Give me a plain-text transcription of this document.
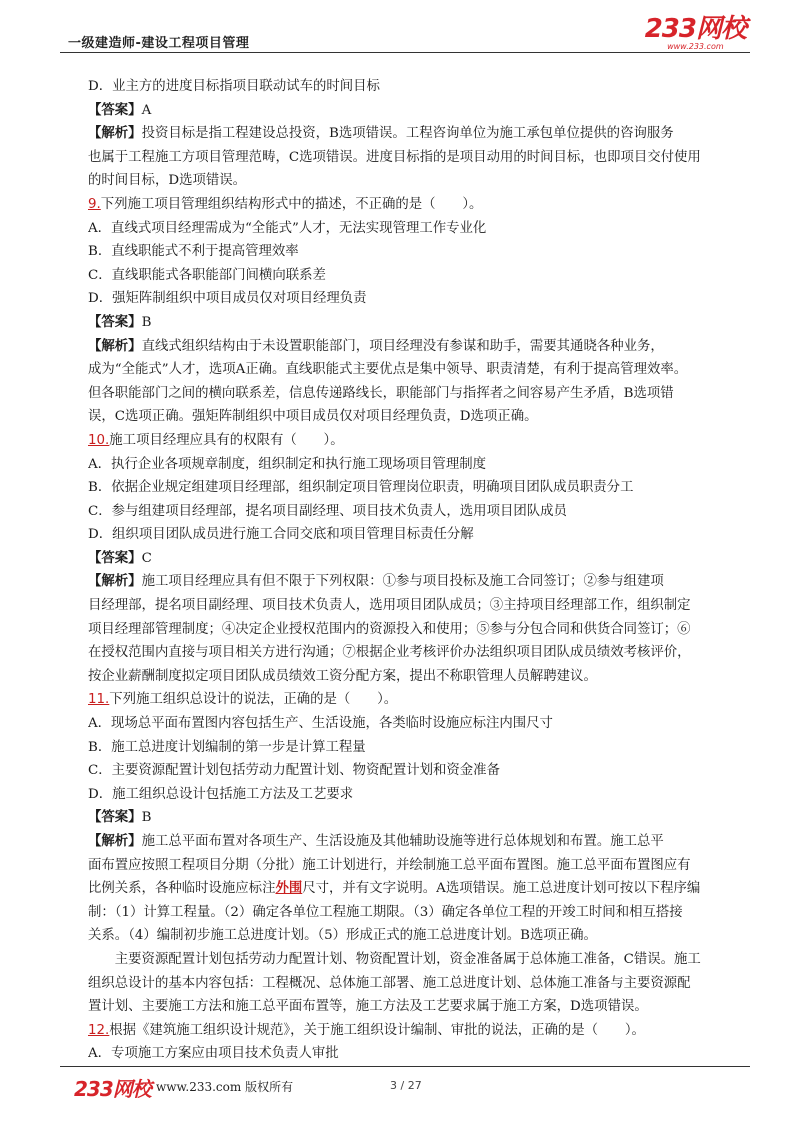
一级建造师-建设工程项目管理	233网校
www.233.com
D．业主方的进度目标指项目联动试车的时间目标
【答案】A
【解析】投资目标是指工程建设总投资，B选项错误。工程咨询单位为施工承包单位提供的咨询服务
也属于工程施工方项目管理范畴，C选项错误。进度目标指的是项目动用的时间目标，也即项目交付使用
的时间目标，D选项错误。
9.下列施工项目管理组织结构形式中的描述，不正确的是（　　）。
A．直线式项目经理需成为“全能式”人才，无法实现管理工作专业化
B．直线职能式不利于提高管理效率
C．直线职能式各职能部门间横向联系差
D．强矩阵制组织中项目成员仅对项目经理负责
【答案】B
【解析】直线式组织结构由于未设置职能部门，项目经理没有参谋和助手，需要其通晓各种业务，
成为“全能式”人才，选项A正确。直线职能式主要优点是集中领导、职责清楚，有利于提高管理效率。
但各职能部门之间的横向联系差，信息传递路线长，职能部门与指挥者之间容易产生矛盾，B选项错
误，C选项正确。强矩阵制组织中项目成员仅对项目经理负责，D选项正确。
10.施工项目经理应具有的权限有（　　）。
A．执行企业各项规章制度，组织制定和执行施工现场项目管理制度
B．依据企业规定组建项目经理部，组织制定项目管理岗位职责，明确项目团队成员职责分工
C．参与组建项目经理部，提名项目副经理、项目技术负责人，选用项目团队成员
D．组织项目团队成员进行施工合同交底和项目管理目标责任分解
【答案】C
【解析】施工项目经理应具有但不限于下列权限：①参与项目投标及施工合同签订；②参与组建项
目经理部，提名项目副经理、项目技术负责人，选用项目团队成员；③主持项目经理部工作，组织制定
项目经理部管理制度；④决定企业授权范围内的资源投入和使用；⑤参与分包合同和供货合同签订；⑥
在授权范围内直接与项目相关方进行沟通；⑦根据企业考核评价办法组织项目团队成员绩效考核评价，
按企业薪酬制度拟定项目团队成员绩效工资分配方案，提出不称职管理人员解聘建议。
11.下列施工组织总设计的说法，正确的是（　　）。
A．现场总平面布置图内容包括生产、生活设施，各类临时设施应标注内围尺寸
B．施工总进度计划编制的第一步是计算工程量
C．主要资源配置计划包括劳动力配置计划、物资配置计划和资金准备
D．施工组织总设计包括施工方法及工艺要求
【答案】B
【解析】施工总平面布置对各项生产、生活设施及其他辅助设施等进行总体规划和布置。施工总平
面布置应按照工程项目分期（分批）施工计划进行，并绘制施工总平面布置图。施工总平面布置图应有
比例关系，各种临时设施应标注外围尺寸，并有文字说明。A选项错误。施工总进度计划可按以下程序编
制：（1）计算工程量。（2）确定各单位工程施工期限。（3）确定各单位工程的开竣工时间和相互搭接
关系。（4）编制初步施工总进度计划。（5）形成正式的施工总进度计划。B选项正确。
　　主要资源配置计划包括劳动力配置计划、物资配置计划，资金准备属于总体施工准备，C错误。施工
组织总设计的基本内容包括：工程概况、总体施工部署、施工总进度计划、总体施工准备与主要资源配
置计划、主要施工方法和施工总平面布置等，施工方法及工艺要求属于施工方案，D选项错误。
12.根据《建筑施工组织设计规范》，关于施工组织设计编制、审批的说法，正确的是（　　）。
A．专项施工方案应由项目技术负责人审批
233网校 www.233.com 版权所有	3 / 27
